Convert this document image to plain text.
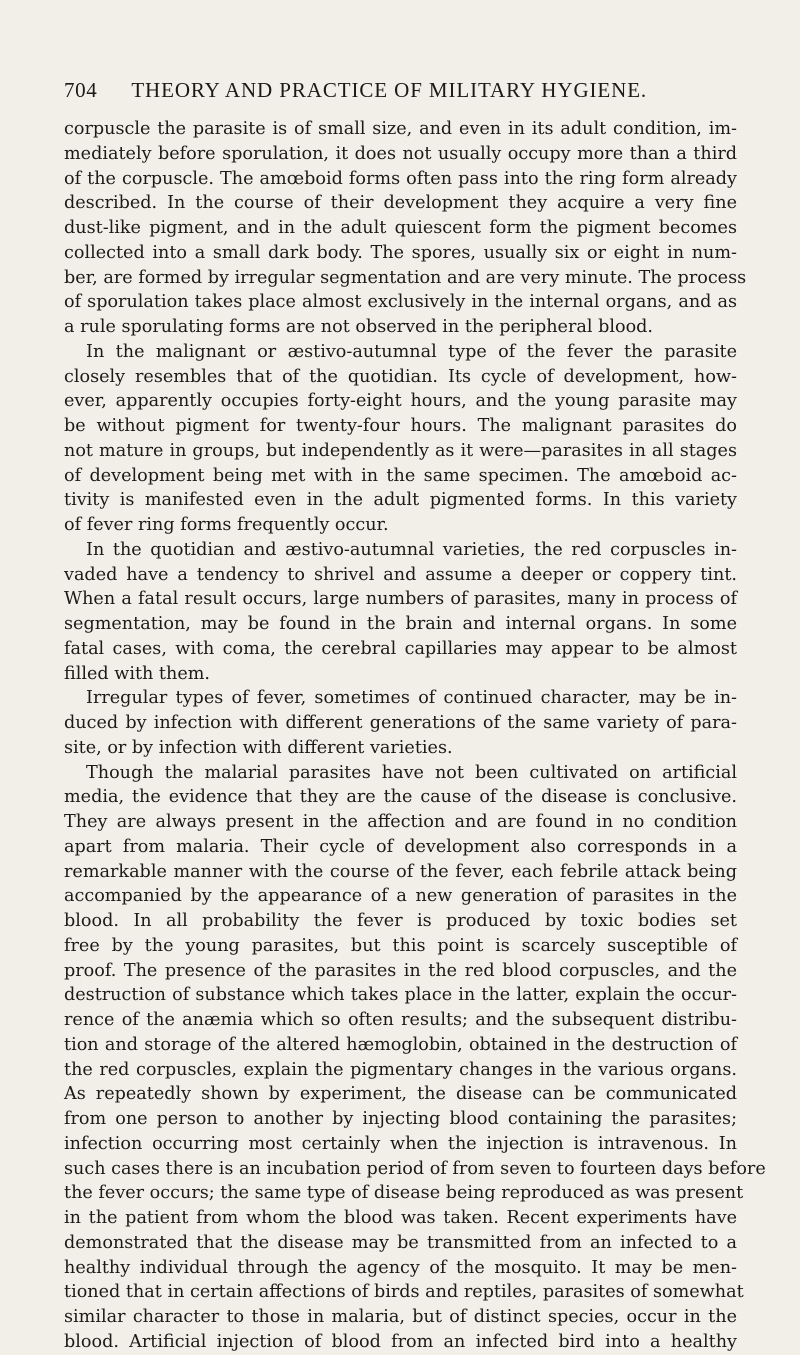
704 THEORY AND PRACTICE OF MILITARY HYGIENE.
corpuscle the parasite is of small size, and even in its adult condition, im-
mediately before sporulation, it does not usually occupy more than a third
of the corpuscle. The amœboid forms often pass into the ring form already
described. In the course of their development they acquire a very fine
dust-like pigment, and in the adult quiescent form the pigment becomes
collected into a small dark body. The spores, usually six or eight in num-
ber, are formed by irregular segmentation and are very minute. The process
of sporulation takes place almost exclusively in the internal organs, and as
a rule sporulating forms are not observed in the peripheral blood.
In the malignant or æstivo-autumnal type of the fever the parasite
closely resembles that of the quotidian. Its cycle of development, how-
ever, apparently occupies forty-eight hours, and the young parasite may
be without pigment for twenty-four hours. The malignant parasites do
not mature in groups, but independently as it were—parasites in all stages
of development being met with in the same specimen. The amœboid ac-
tivity is manifested even in the adult pigmented forms. In this variety
of fever ring forms frequently occur.
In the quotidian and æstivo-autumnal varieties, the red corpuscles in-
vaded have a tendency to shrivel and assume a deeper or coppery tint.
When a fatal result occurs, large numbers of parasites, many in process of
segmentation, may be found in the brain and internal organs. In some
fatal cases, with coma, the cerebral capillaries may appear to be almost
filled with them.
Irregular types of fever, sometimes of continued character, may be in-
duced by infection with different generations of the same variety of para-
site, or by infection with different varieties.
Though the malarial parasites have not been cultivated on artificial
media, the evidence that they are the cause of the disease is conclusive.
They are always present in the affection and are found in no condition
apart from malaria. Their cycle of development also corresponds in a
remarkable manner with the course of the fever, each febrile attack being
accompanied by the appearance of a new generation of parasites in the
blood. In all probability the fever is produced by toxic bodies set
free by the young parasites, but this point is scarcely susceptible of
proof. The presence of the parasites in the red blood corpuscles, and the
destruction of substance which takes place in the latter, explain the occur-
rence of the anæmia which so often results; and the subsequent distribu-
tion and storage of the altered hæmoglobin, obtained in the destruction of
the red corpuscles, explain the pigmentary changes in the various organs.
As repeatedly shown by experiment, the disease can be communicated
from one person to another by injecting blood containing the parasites;
infection occurring most certainly when the injection is intravenous. In
such cases there is an incubation period of from seven to fourteen days before
the fever occurs; the same type of disease being reproduced as was present
in the patient from whom the blood was taken. Recent experiments have
demonstrated that the disease may be transmitted from an infected to a
healthy individual through the agency of the mosquito. It may be men-
tioned that in certain affections of birds and reptiles, parasites of somewhat
similar character to those in malaria, but of distinct species, occur in the
blood. Artificial injection of blood from an infected bird into a healthy
